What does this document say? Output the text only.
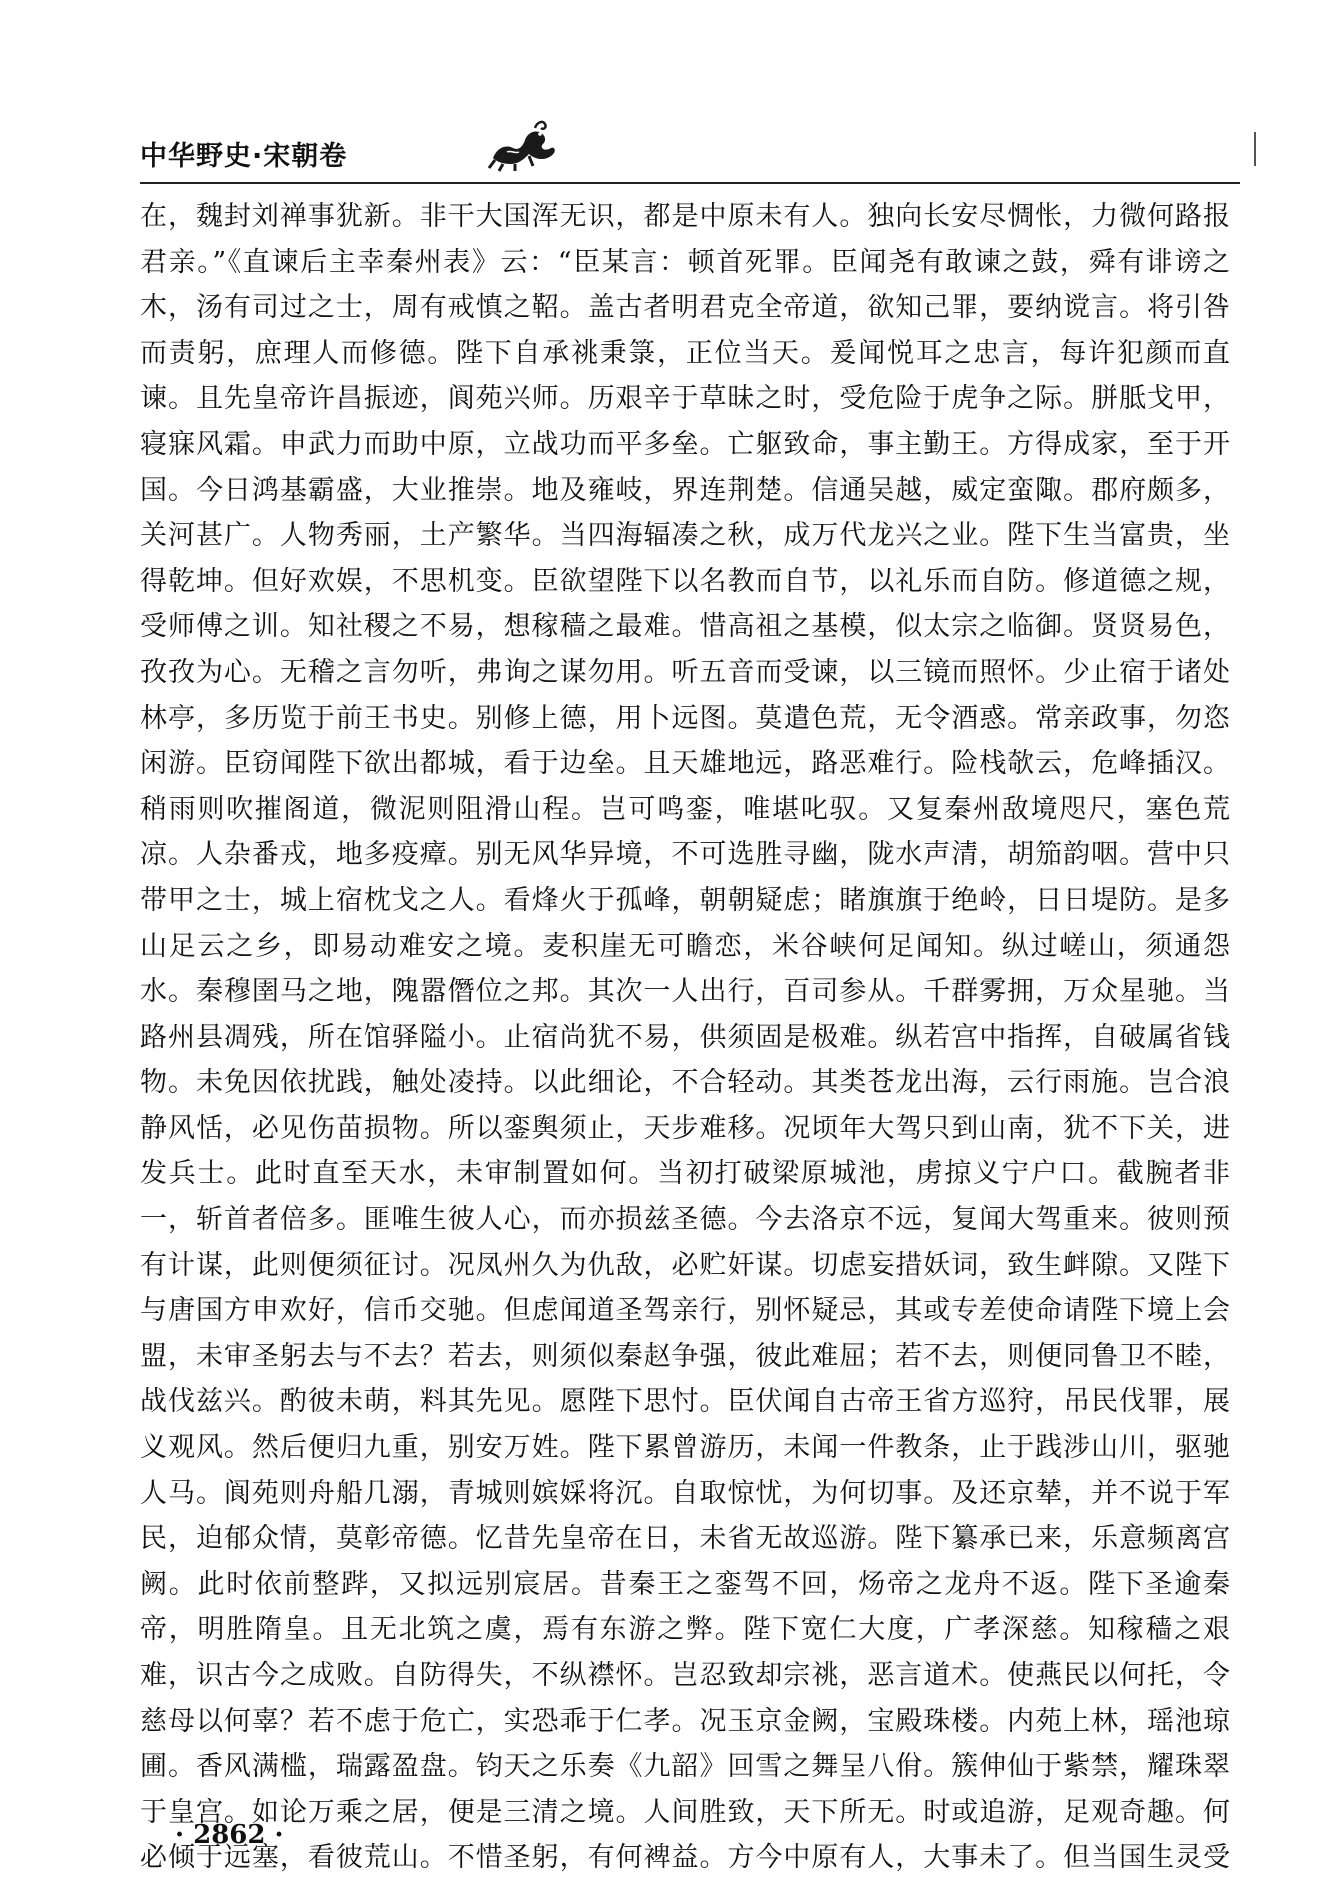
中华野史·宋朝卷
在，魏封刘禅事犹新。非干大国浑无识，都是中原未有人。独向长安尽惆怅，力微何路报
君亲。”《直谏后主幸秦州表》云：“臣某言：顿首死罪。臣闻尧有敢谏之鼓，舜有诽谤之
木，汤有司过之士，周有戒慎之鞀。盖古者明君克全帝道，欲知己罪，要纳谠言。将引咎
而责躬，庶理人而修德。陛下自承祧秉箓，正位当天。爰闻悦耳之忠言，每许犯颜而直
谏。且先皇帝许昌振迹，阆苑兴师。历艰辛于草昧之时，受危险于虎争之际。胼胝戈甲，
寝寐风霜。申武力而助中原，立战功而平多垒。亡躯致命，事主勤王。方得成家，至于开
国。今日鸿基霸盛，大业推崇。地及雍岐，界连荆楚。信通吴越，威定蛮陬。郡府颇多，
关河甚广。人物秀丽，土产繁华。当四海辐凑之秋，成万代龙兴之业。陛下生当富贵，坐
得乾坤。但好欢娱，不思机变。臣欲望陛下以名教而自节，以礼乐而自防。修道德之规，
受师傅之训。知社稷之不易，想稼穑之最难。惜高祖之基模，似太宗之临御。贤贤易色，
孜孜为心。无稽之言勿听，弗询之谋勿用。听五音而受谏，以三镜而照怀。少止宿于诸处
林亭，多历览于前王书史。别修上德，用卜远图。莫遣色荒，无令酒惑。常亲政事，勿恣
闲游。臣窃闻陛下欲出都城，看于边垒。且天雄地远，路恶难行。险栈欹云，危峰插汉。
稍雨则吹摧阁道，微泥则阻滑山程。岂可鸣銮，唯堪叱驭。又复秦州敌境咫尺，塞色荒
凉。人杂番戎，地多疫瘴。别无风华异境，不可选胜寻幽，陇水声清，胡笳韵咽。营中只
带甲之士，城上宿枕戈之人。看烽火于孤峰，朝朝疑虑；睹旗旗于绝岭，日日堤防。是多
山足云之乡，即易动难安之境。麦积崖无可瞻恋，米谷峡何足闻知。纵过嵯山，须通怨
水。秦穆圉马之地，隗嚣僭位之邦。其次一人出行，百司参从。千群雾拥，万众星驰。当
路州县凋残，所在馆驿隘小。止宿尚犹不易，供须固是极难。纵若宫中指挥，自破属省钱
物。未免因依扰践，触处凌持。以此细论，不合轻动。其类苍龙出海，云行雨施。岂合浪
静风恬，必见伤苗损物。所以銮舆须止，天步难移。况顷年大驾只到山南，犹不下关，进
发兵士。此时直至天水，未审制置如何。当初打破梁原城池，虏掠义宁户口。截腕者非
一，斩首者倍多。匪唯生彼人心，而亦损兹圣德。今去洛京不远，复闻大驾重来。彼则预
有计谋，此则便须征讨。况凤州久为仇敌，必贮奸谋。切虑妄措妖词，致生衅隙。又陛下
与唐国方申欢好，信币交驰。但虑闻道圣驾亲行，别怀疑忌，其或专差使命请陛下境上会
盟，未审圣躬去与不去？若去，则须似秦赵争强，彼此难屈；若不去，则便同鲁卫不睦，
战伐兹兴。酌彼未萌，料其先见。愿陛下思忖。臣伏闻自古帝王省方巡狩，吊民伐罪，展
义观风。然后便归九重，别安万姓。陛下累曾游历，未闻一件教条，止于践涉山川，驱驰
人马。阆苑则舟船几溺，青城则嫔婇将沉。自取惊忧，为何切事。及还京辇，并不说于军
民，迫郁众情，莫彰帝德。忆昔先皇帝在日，未省无故巡游。陛下纂承已来，乐意频离宫
阙。此时依前整跸，又拟远别宸居。昔秦王之銮驾不回，炀帝之龙舟不返。陛下圣逾秦
帝，明胜隋皇。且无北筑之虞，焉有东游之弊。陛下宽仁大度，广孝深慈。知稼穑之艰
难，识古今之成败。自防得失，不纵襟怀。岂忍致却宗祧，恶言道术。使燕民以何托，令
慈母以何辜？若不虑于危亡，实恐乖于仁孝。况玉京金阙，宝殿珠楼。内苑上林，瑶池琼
圃。香风满槛，瑞露盈盘。钧天之乐奏《九韶》回雪之舞呈八佾。簇伸仙于紫禁，耀珠翠
于皇宫。如论万乘之居，便是三清之境。人间胜致，天下所无。时或追游，足观奇趣。何
必倾于远塞，看彼荒山。不惜圣躬，有何裨益。方今中原有人，大事未了。但当国生灵受
· 2862 ·
